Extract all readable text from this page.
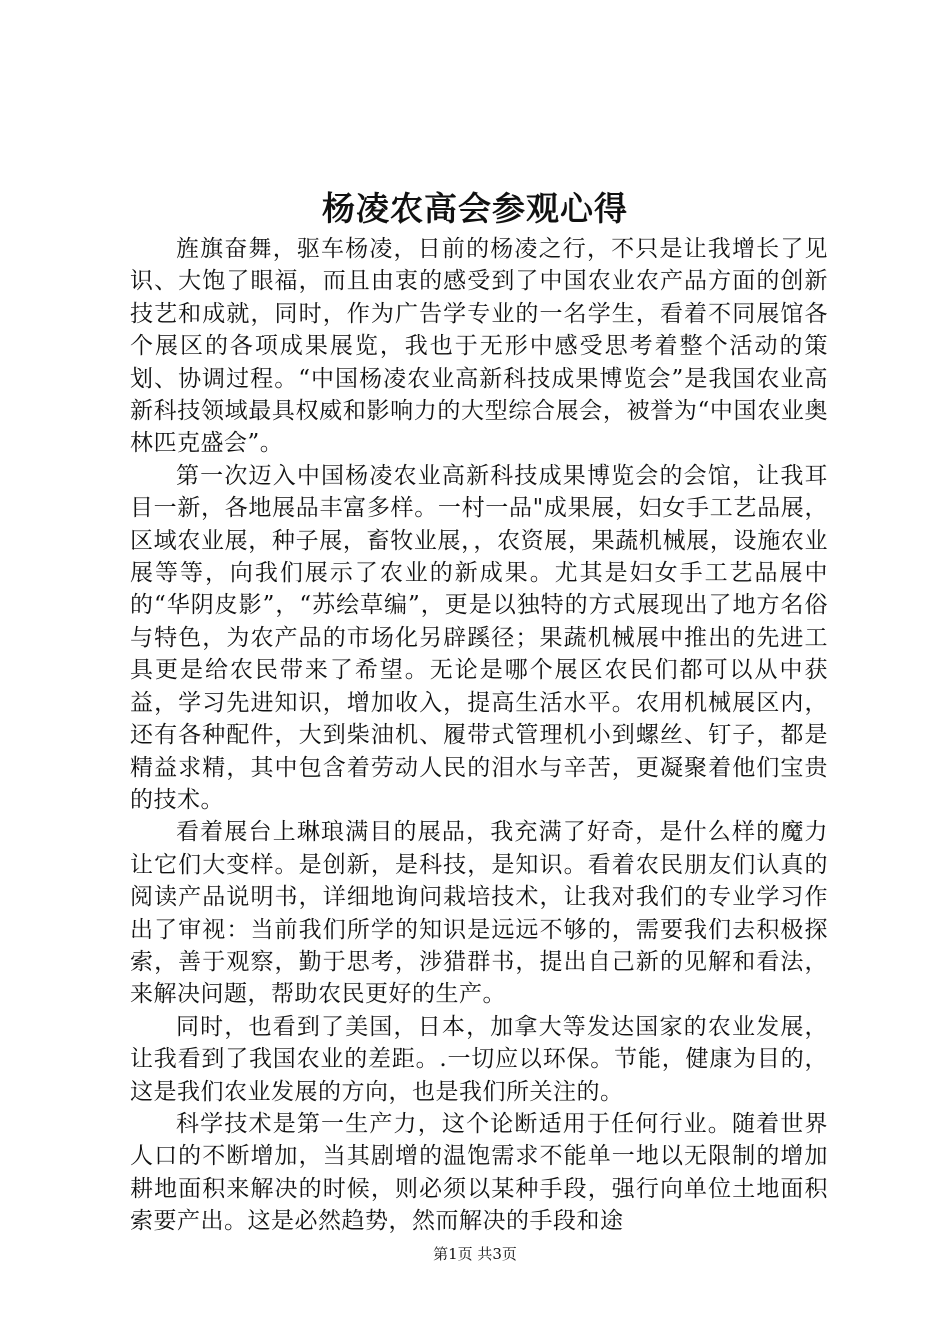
杨凌农高会参观心得

旌旗奋舞，驱车杨凌，日前的杨凌之行，不只是让我增长了见识、大饱了眼福，而且由衷的感受到了中国农业农产品方面的创新技艺和成就，同时，作为广告学专业的一名学生，看着不同展馆各个展区的各项成果展览，我也于无形中感受思考着整个活动的策划、协调过程。“中国杨凌农业高新科技成果博览会”是我国农业高新科技领域最具权威和影响力的大型综合展会，被誉为“中国农业奥林匹克盛会”。

第一次迈入中国杨凌农业高新科技成果博览会的会馆，让我耳目一新，各地展品丰富多样。一村一品"成果展，妇女手工艺品展，区域农业展，种子展，畜牧业展，，农资展，果蔬机械展，设施农业展等等，向我们展示了农业的新成果。尤其是妇女手工艺品展中的“华阴皮影”，“苏绘草编”，更是以独特的方式展现出了地方名俗与特色，为农产品的市场化另辟蹊径；果蔬机械展中推出的先进工具更是给农民带来了希望。无论是哪个展区农民们都可以从中获益，学习先进知识，增加收入，提高生活水平。农用机械展区内，还有各种配件，大到柴油机、履带式管理机小到螺丝、钉子，都是精益求精，其中包含着劳动人民的泪水与辛苦，更凝聚着他们宝贵的技术。

看着展台上琳琅满目的展品，我充满了好奇，是什么样的魔力让它们大变样。是创新，是科技，是知识。看着农民朋友们认真的阅读产品说明书，详细地询问栽培技术，让我对我们的专业学习作出了审视：当前我们所学的知识是远远不够的，需要我们去积极探索，善于观察，勤于思考，涉猎群书，提出自己新的见解和看法，来解决问题，帮助农民更好的生产。

同时，也看到了美国，日本，加拿大等发达国家的农业发展，让我看到了我国农业的差距。.一切应以环保。节能，健康为目的，这是我们农业发展的方向，也是我们所关注的。

科学技术是第一生产力，这个论断适用于任何行业。随着世界人口的不断增加，当其剧增的温饱需求不能单一地以无限制的增加耕地面积来解决的时候，则必须以某种手段，强行向单位土地面积索要产出。这是必然趋势，然而解决的手段和途

第1页 共3页
